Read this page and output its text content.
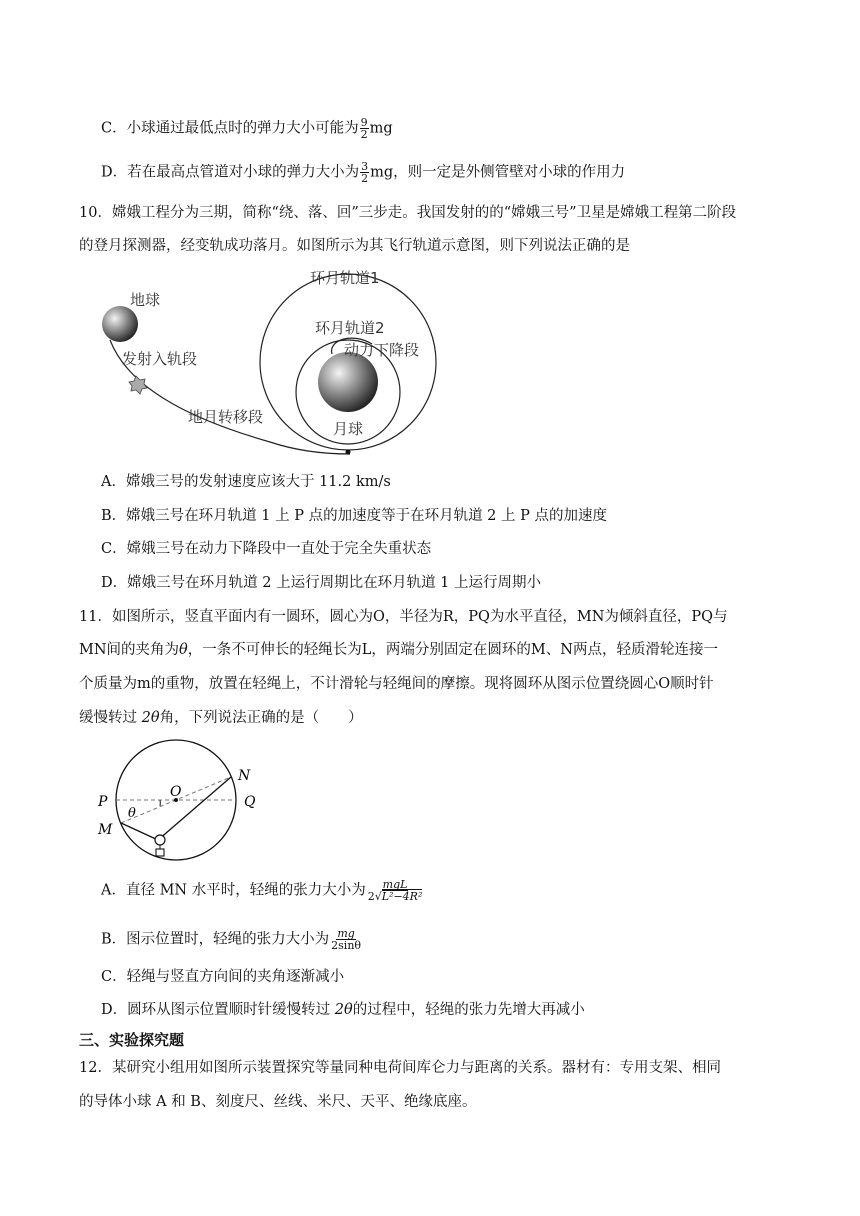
C．小球通过最低点时的弹力大小可能为 $\frac{9}{2}$ mg
D．若在最高点管道对小球的弹力大小为 $\frac{3}{2}$ mg，则一定是外侧管壁对小球的作用力
10．嫦娥工程分为三期，简称“绕、落、回”三步走。我国发射的的“嫦娥三号”卫星是嫦娥工程第二阶段
的登月探测器，经变轨成功落月。如图所示为其飞行轨道示意图，则下列说法正确的是
地球
发射入轨段
地月转移段
环月轨道1
环月轨道2
动力下降段
月球
A．嫦娥三号的发射速度应该大于 11.2 km/s
B．嫦娥三号在环月轨道 1 上 P 点的加速度等于在环月轨道 2 上 P 点的加速度
C．嫦娥三号在动力下降段中一直处于完全失重状态
D．嫦娥三号在环月轨道 2 上运行周期比在环月轨道 1 上运行周期小
11．如图所示，竖直平面内有一圆环，圆心为O，半径为R，PQ为水平直径，MN为倾斜直径，PQ与
MN间的夹角为θ，一条不可伸长的轻绳长为L，两端分别固定在圆环的M、N两点，轻质滑轮连接一
个质量为m的重物，放置在轻绳上，不计滑轮与轻绳间的摩擦。现将圆环从图示位置绕圆心O顺时针
缓慢转过 2θ角，下列说法正确的是（　　）
O
N
P	Q
M
θ
A．直径 MN 水平时，轻绳的张力大小为 $\frac{\text{mgL}}{\text{2√L²−4R²}}$
B．图示位置时，轻绳的张力大小为 $\frac{mg}{2\sin\theta}$
C．轻绳与竖直方向间的夹角逐渐减小
D．圆环从图示位置顺时针缓慢转过 2θ的过程中，轻绳的张力先增大再减小
三、实验探究题
12．某研究小组用如图所示装置探究等量同种电荷间库仑力与距离的关系。器材有：专用支架、相同
的导体小球 A 和 B、刻度尺、丝线、米尺、天平、绝缘底座。
